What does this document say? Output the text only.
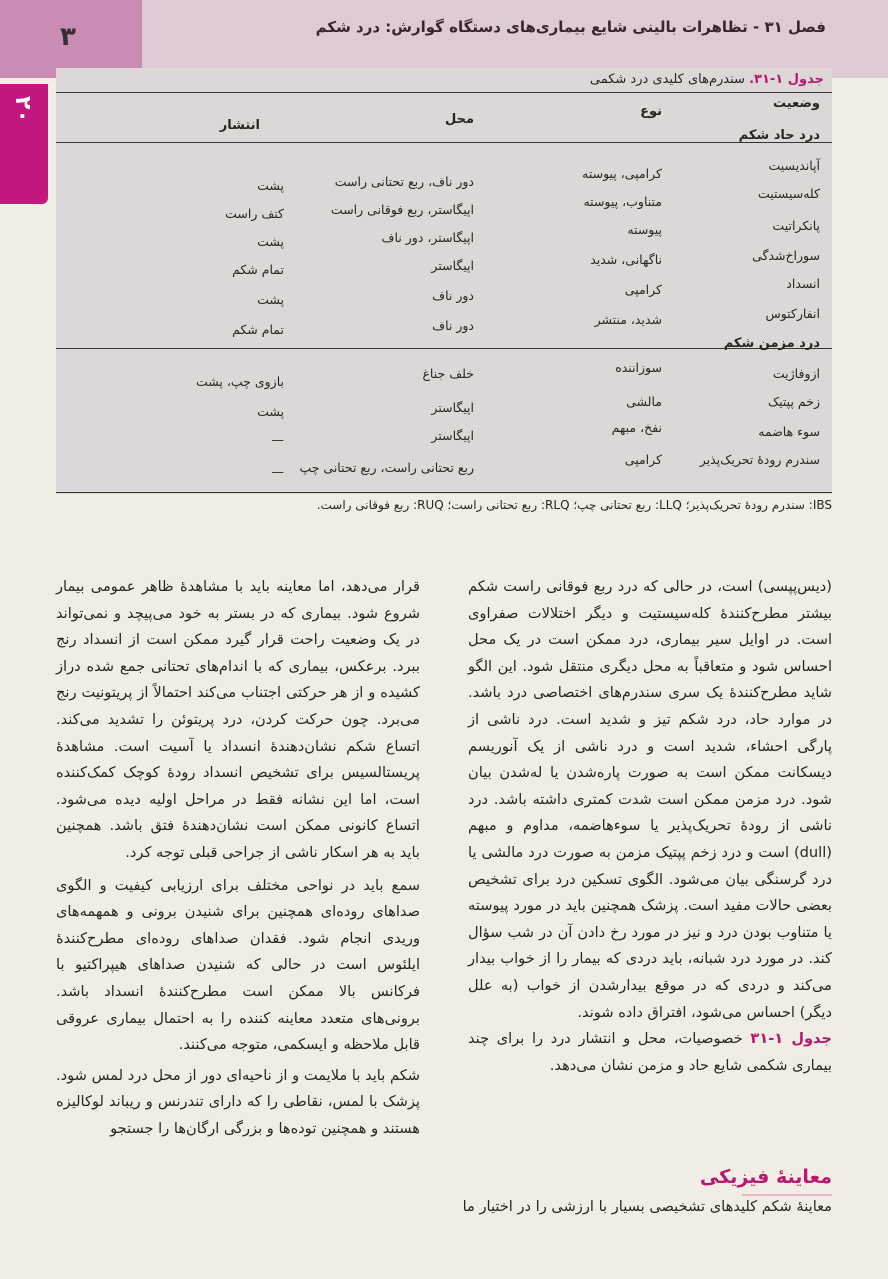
۳	فصل ۳۱ - تظاهرات بالینی شایع بیماری‌های دستگاه گوارش: درد شکم
۲۰
جدول ۱-۳۱. سندرم‌های کلیدی درد شکمی
وضعیت
نوع
محل
انتشار
درد حاد شکم
آپاندیسیت
کرامپی، پیوسته
دور ناف، ربع تحتانی راست
پشت
کله‌سیستیت
متناوب، پیوسته
اپیگاستر، ربع فوقانی راست
کتف راست
پانکراتیت
پیوسته
اپیگاستر، دور ناف
پشت
سوراخ‌شدگی
ناگهانی، شدید
اپیگاستر
تمام شکم
انسداد
کرامپی
دور ناف
پشت
انفارکتوس
شدید، منتشر
دور ناف
تمام شکم
درد مزمن شکم
ازوفاژیت
سوزاننده
خلف جناغ
بازوی چپ، پشت
زخم پپتیک
مالشی
اپیگاستر
پشت
سوء هاضمه
نفخ، مبهم
اپیگاستر
—
سندرم رودهٔ تحریک‌پذیر
کرامپی
ربع تحتانی راست، ربع تحتانی چپ
—
IBS: سندرم رودهٔ تحریک‌پذیر؛ LLQ: ربع تحتانی چپ؛ RLQ: ربع تحتانی راست؛ RUQ: ربع فوقانی راست.

(دیس‌پپسی) است، در حالی که درد ربع فوقانی راست شکم بیشتر مطرح‌کنندهٔ کله‌سیستیت و دیگر اختلالات صفراوی است. در اوایل سیر بیماری، درد ممکن است در یک محل احساس شود و متعاقباً به محل دیگری منتقل شود. این الگو شاید مطرح‌کنندهٔ یک سری سندرم‌های اختصاصی درد باشد. در موارد حاد، درد شکم تیز و شدید است. درد ناشی از پارگی احشاء، شدید است و درد ناشی از یک آنوریسم دیسکانت ممکن است به صورت پاره‌شدن یا له‌شدن بیان شود. درد مزمن ممکن است شدت کمتری داشته باشد. درد ناشی از رودهٔ تحریک‌پذیر یا سوءهاضمه، مداوم و مبهم (dull) است و درد زخم پپتیک مزمن به صورت درد مالشی یا درد گرسنگی بیان می‌شود. الگوی تسکین درد برای تشخیص بعضی حالات مفید است. پزشک همچنین باید در مورد پیوسته یا متناوب بودن درد و نیز در مورد رخ دادن آن در شب سؤال کند. در مورد درد شبانه، باید دردی که بیمار را از خواب بیدار می‌کند و دردی که در موقع بیدارشدن از خواب (به علل دیگر) احساس می‌شود، افتراق داده شوند.

جدول ۱-۳۱ خصوصیات، محل و انتشار درد را برای چند بیماری شکمی شایع حاد و مزمن نشان می‌دهد.

قرار می‌دهد، اما معاینه باید با مشاهدهٔ ظاهر عمومی بیمار شروع شود. بیماری که در بستر به خود می‌پیچد و نمی‌تواند در یک وضعیت راحت قرار گیرد ممکن است از انسداد رنج ببرد. برعکس، بیماری که با اندام‌های تحتانی جمع شده دراز کشیده و از هر حرکتی اجتناب می‌کند احتمالاً از پریتونیت رنج می‌برد. چون حرکت کردن، درد پریتوئن را تشدید می‌کند. اتساع شکم نشان‌دهندهٔ انسداد یا آسیت است. مشاهدهٔ پریستالسیس برای تشخیص انسداد رودهٔ کوچک کمک‌کننده است، اما این نشانه فقط در مراحل اولیه دیده می‌شود. اتساع کانونی ممکن است نشان‌دهندهٔ فتق باشد. همچنین باید به هر اسکار ناشی از جراحی قبلی توجه کرد.

سمع باید در نواحی مختلف برای ارزیابی کیفیت و الگوی صداهای روده‌ای همچنین برای شنیدن برونی و همهمه‌های وریدی انجام شود. فقدان صداهای روده‌ای مطرح‌کنندهٔ ایلئوس است در حالی که شنیدن صداهای هیپراکتیو با فرکانس بالا ممکن است مطرح‌کنندهٔ انسداد باشد. برونی‌های متعدد معاینه کننده را به احتمال بیماری عروقی قابل ملاحظه و ایسکمی، متوجه می‌کنند.

شکم باید با ملایمت و از ناحیه‌ای دور از محل درد لمس شود. پزشک با لمس، نقاطی را که دارای تندرنس و ریباند لوکالیزه هستند و همچنین توده‌ها و بزرگی ارگان‌ها را جستجو

معاینهٔ فیزیکی
معاینهٔ شکم کلیدهای تشخیصی بسیار با ارزشی را در اختیار ما
